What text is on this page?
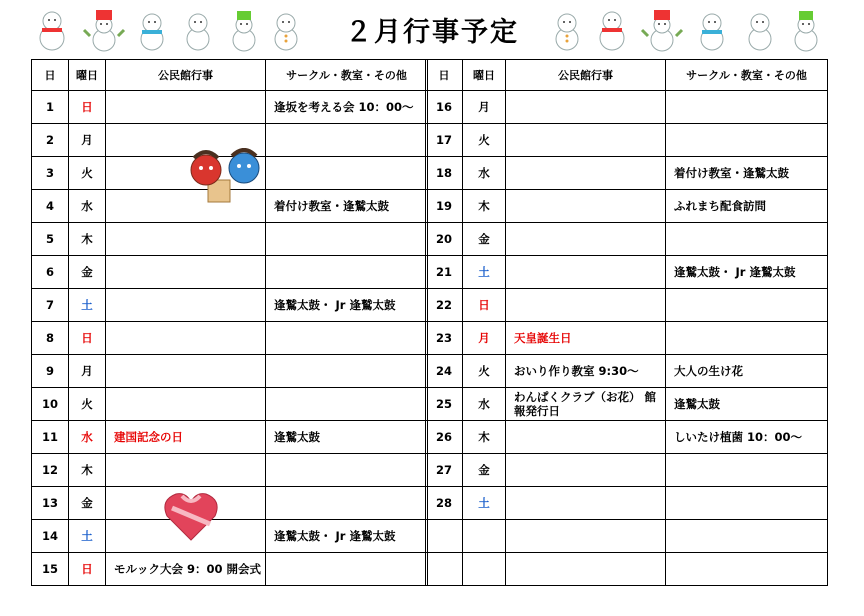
２月行事予定
日	曜日	公民館行事	サークル・教室・その他
1	日		逢坂を考える会 10：00〜
2	月		
3	火		
4	水		着付け教室・逢鷲太鼓
5	木		
6	金		
7	土		逢鷲太鼓・ Jr 逢鷲太鼓
8	日		
9	月		
10	火		
11	水	建国記念の日	逢鷲太鼓
12	木		
13	金		
14	土		逢鷲太鼓・ Jr 逢鷲太鼓
15	日	モルック大会 9：00 開会式	
日	曜日	公民館行事	サークル・教室・その他
16	月		
17	火		
18	水		着付け教室・逢鷲太鼓
19	木		ふれまち配食訪問
20	金		
21	土		逢鷲太鼓・ Jr 逢鷲太鼓
22	日		
23	月	天皇誕生日	
24	火	おいり作り教室 9:30〜	大人の生け花
25	水	わんぱくクラブ（お花） 館報発行日	逢鷲太鼓
26	木		しいたけ植菌 10：00〜
27	金		
28	土		
